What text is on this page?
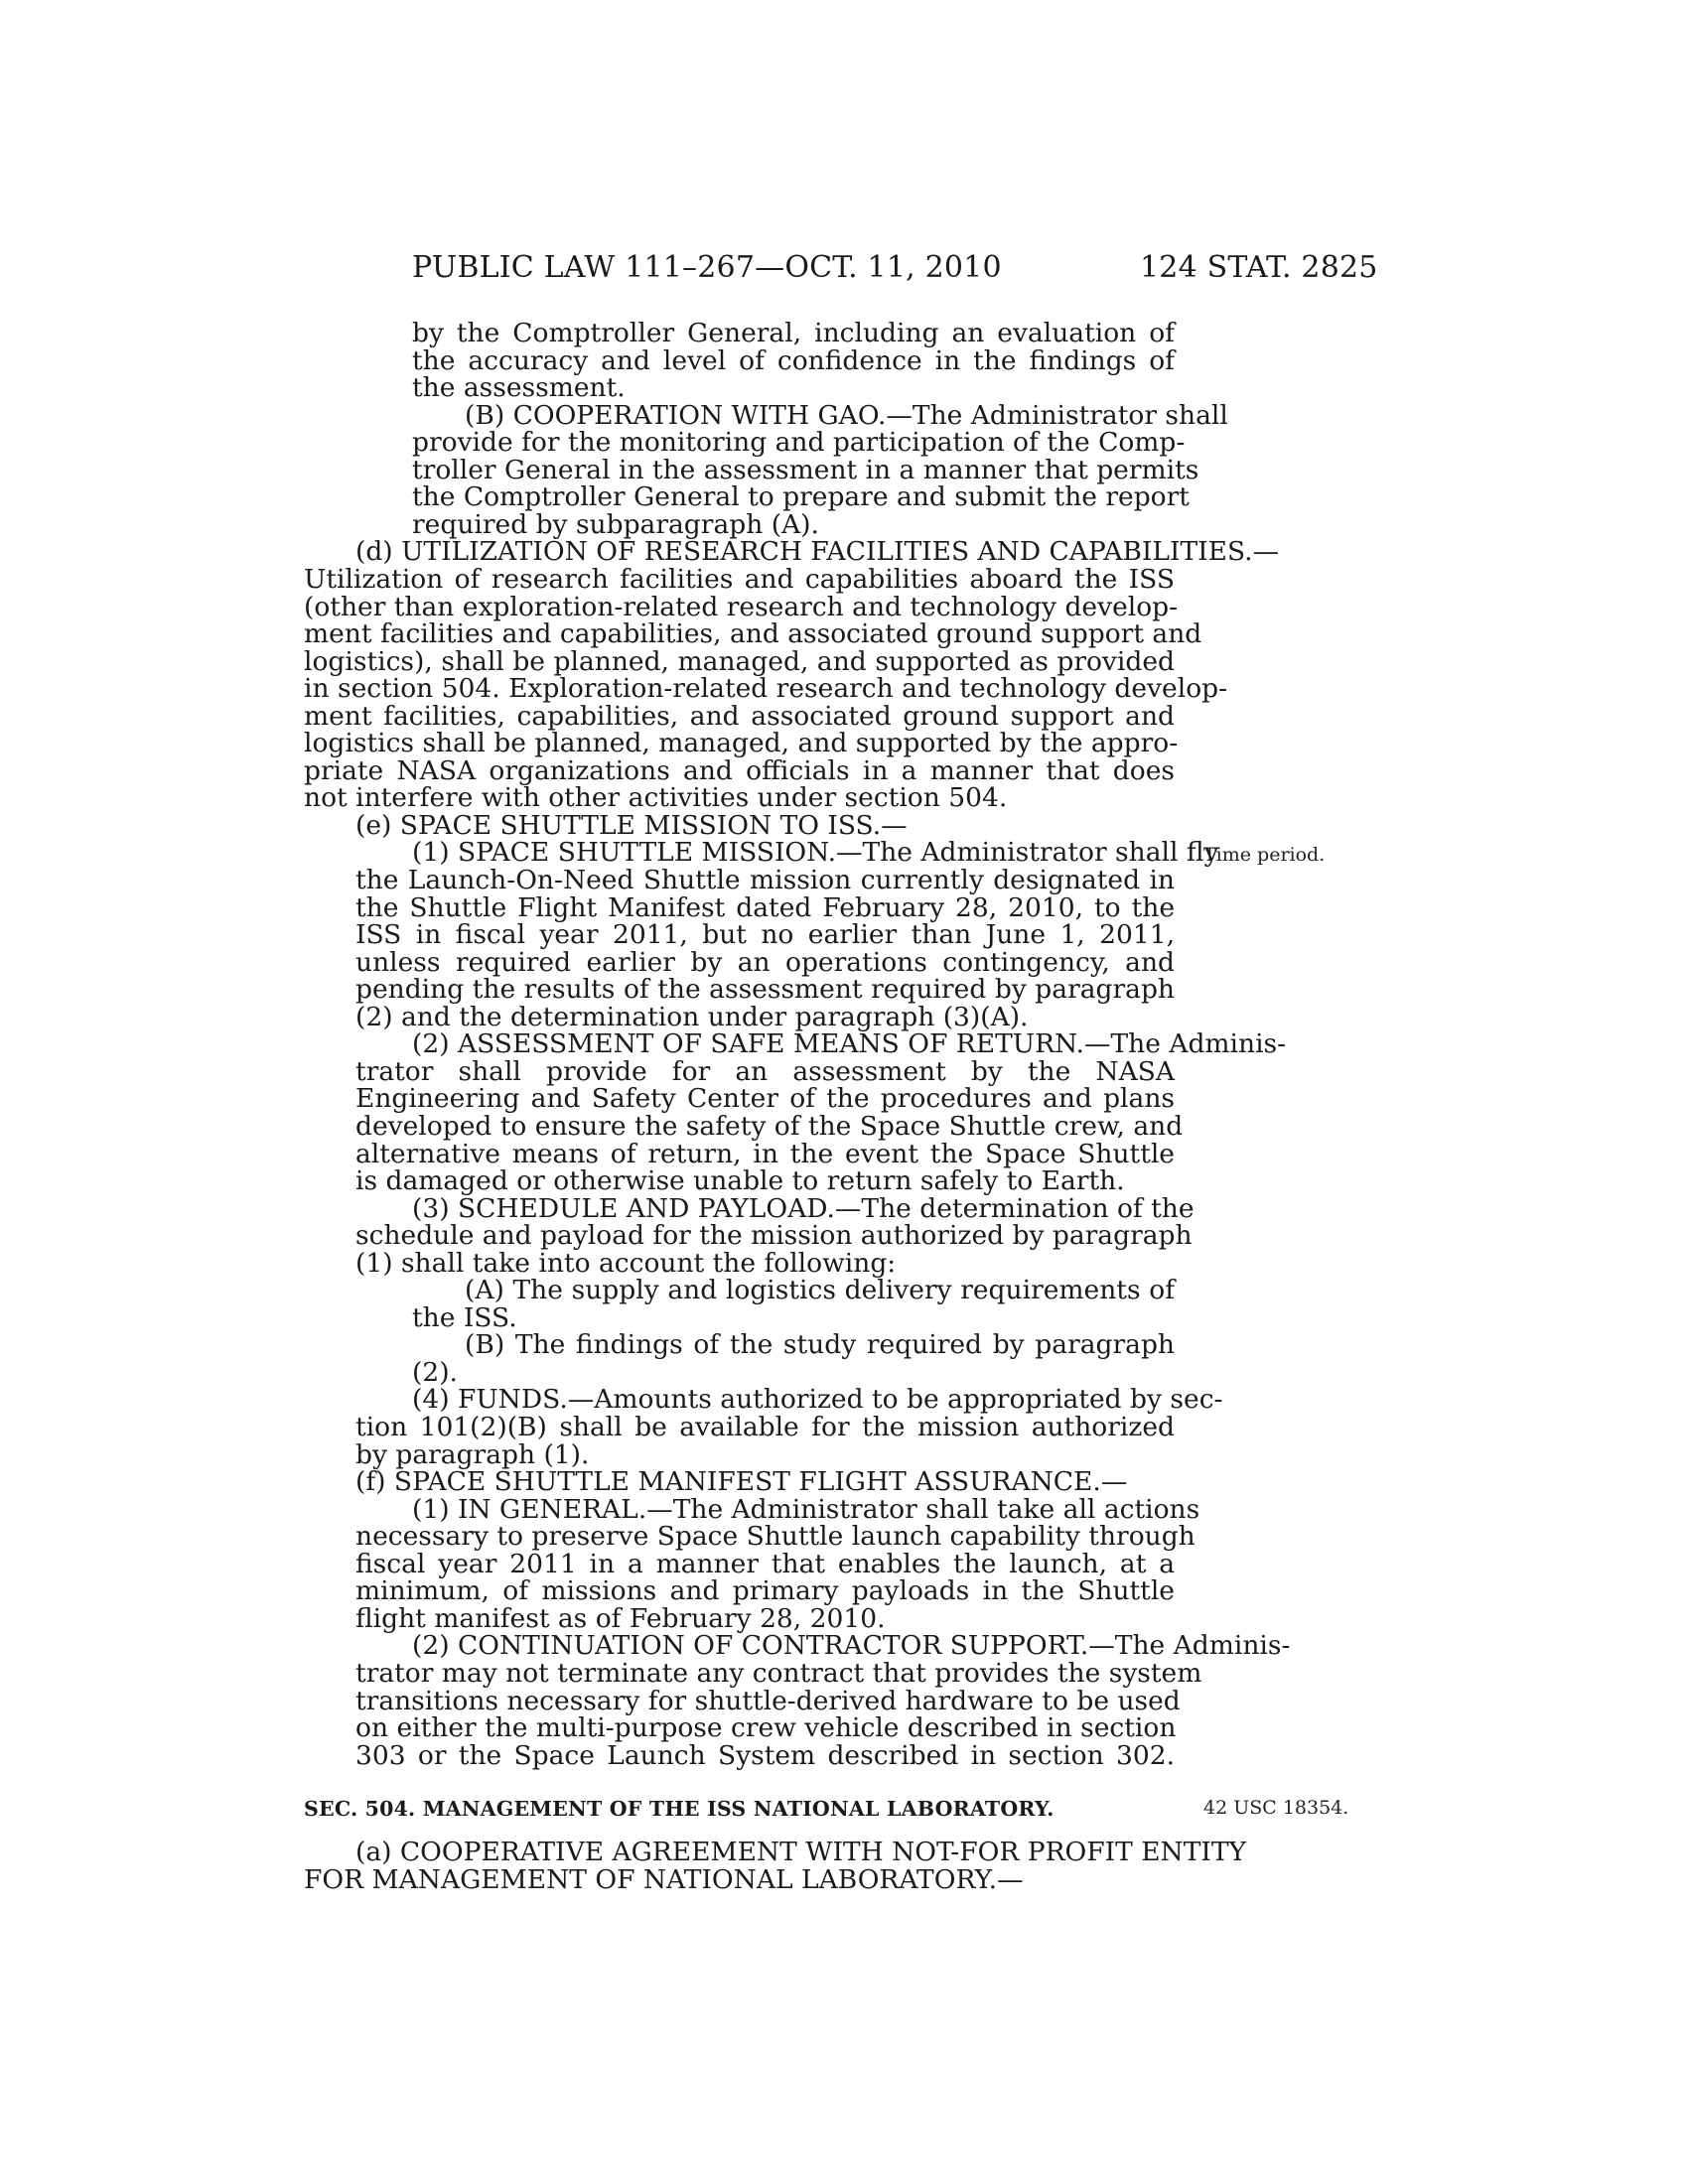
PUBLIC LAW 111–267—OCT. 11, 2010	124 STAT. 2825
by the Comptroller General, including an evaluation of
the accuracy and level of confidence in the findings of
the assessment.
(B) COOPERATION WITH GAO.—The Administrator shall
provide for the monitoring and participation of the Comp-
troller General in the assessment in a manner that permits
the Comptroller General to prepare and submit the report
required by subparagraph (A).
(d) UTILIZATION OF RESEARCH FACILITIES AND CAPABILITIES.—
Utilization of research facilities and capabilities aboard the ISS
(other than exploration-related research and technology develop-
ment facilities and capabilities, and associated ground support and
logistics), shall be planned, managed, and supported as provided
in section 504. Exploration-related research and technology develop-
ment facilities, capabilities, and associated ground support and
logistics shall be planned, managed, and supported by the appro-
priate NASA organizations and officials in a manner that does
not interfere with other activities under section 504.
(e) SPACE SHUTTLE MISSION TO ISS.—
(1) SPACE SHUTTLE MISSION.—The Administrator shall fly
the Launch-On-Need Shuttle mission currently designated in
the Shuttle Flight Manifest dated February 28, 2010, to the
ISS in fiscal year 2011, but no earlier than June 1, 2011,
unless required earlier by an operations contingency, and
pending the results of the assessment required by paragraph
(2) and the determination under paragraph (3)(A).
(2) ASSESSMENT OF SAFE MEANS OF RETURN.—The Adminis-
trator shall provide for an assessment by the NASA
Engineering and Safety Center of the procedures and plans
developed to ensure the safety of the Space Shuttle crew, and
alternative means of return, in the event the Space Shuttle
is damaged or otherwise unable to return safely to Earth.
(3) SCHEDULE AND PAYLOAD.—The determination of the
schedule and payload for the mission authorized by paragraph
(1) shall take into account the following:
(A) The supply and logistics delivery requirements of
the ISS.
(B) The findings of the study required by paragraph
(2).
(4) FUNDS.—Amounts authorized to be appropriated by sec-
tion 101(2)(B) shall be available for the mission authorized
by paragraph (1).
(f) SPACE SHUTTLE MANIFEST FLIGHT ASSURANCE.—
(1) IN GENERAL.—The Administrator shall take all actions
necessary to preserve Space Shuttle launch capability through
fiscal year 2011 in a manner that enables the launch, at a
minimum, of missions and primary payloads in the Shuttle
flight manifest as of February 28, 2010.
(2) CONTINUATION OF CONTRACTOR SUPPORT.—The Adminis-
trator may not terminate any contract that provides the system
transitions necessary for shuttle-derived hardware to be used
on either the multi-purpose crew vehicle described in section
303 or the Space Launch System described in section 302.
(a) COOPERATIVE AGREEMENT WITH NOT-FOR PROFIT ENTITY
FOR MANAGEMENT OF NATIONAL LABORATORY.—
Time period.
SEC. 504. MANAGEMENT OF THE ISS NATIONAL LABORATORY.	42 USC 18354.
